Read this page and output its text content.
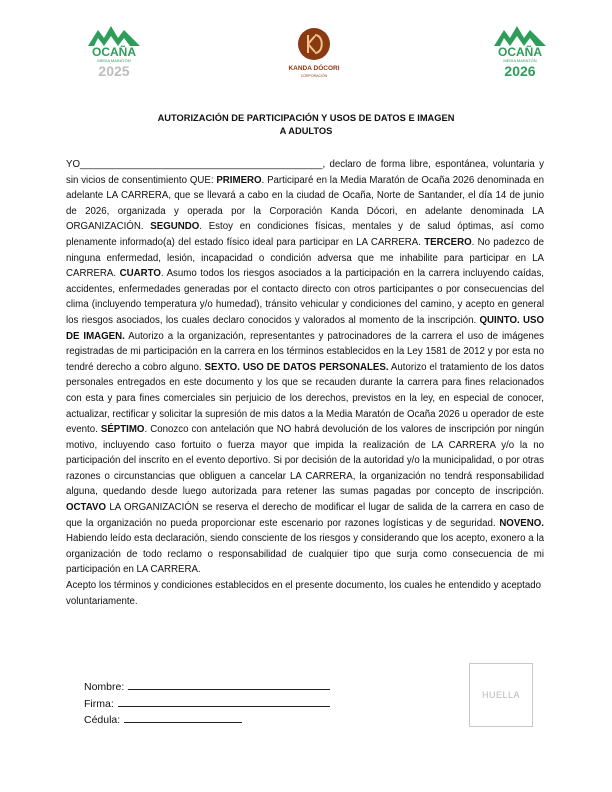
OCAÑA
MEDIA MARATÓN
2025	KANDA DÓCORI
CORPORACIÓN
OCAÑA
MEDIA MARATÓN
2026
AUTORIZACIÓN DE PARTICIPACIÓN Y USOS DE DATOS E IMAGEN
A ADULTOS

YO_____________________________________________, declaro de forma libre, espontánea, voluntaria y sin vicios de consentimiento QUE: PRIMERO. Participaré en la Media Maratón de Ocaña 2026 denominada en adelante LA CARRERA, que se llevará a cabo en la ciudad de Ocaña, Norte de Santander, el día 14 de junio de 2026, organizada y operada por la Corporación Kanda Dócori, en adelante denominada LA ORGANIZACIÓN. SEGUNDO. Estoy en condiciones físicas, mentales y de salud óptimas, así como plenamente informado(a) del estado físico ideal para participar en LA CARRERA. TERCERO. No padezco de ninguna enfermedad, lesión, incapacidad o condición adversa que me inhabilite para participar en LA CARRERA. CUARTO. Asumo todos los riesgos asociados a la participación en la carrera incluyendo caídas, accidentes, enfermedades generadas por el contacto directo con otros participantes o por consecuencias del clima (incluyendo temperatura y/o humedad), tránsito vehicular y condiciones del camino, y acepto en general los riesgos asociados, los cuales declaro conocidos y valorados al momento de la inscripción. QUINTO. USO DE IMAGEN. Autorizo a la organización, representantes y patrocinadores de la carrera el uso de imágenes registradas de mi participación en la carrera en los términos establecidos en la Ley 1581 de 2012 y por esta no tendré derecho a cobro alguno. SEXTO. USO DE DATOS PERSONALES. Autorizo el tratamiento de los datos personales entregados en este documento y los que se recauden durante la carrera para fines relacionados con esta y para fines comerciales sin perjuicio de los derechos, previstos en la ley, en especial de conocer, actualizar, rectificar y solicitar la supresión de mis datos a la Media Maratón de Ocaña 2026 u operador de este evento. SÉPTIMO. Conozco con antelación que NO habrá devolución de los valores de inscripción por ningún motivo, incluyendo caso fortuito o fuerza mayor que impida la realización de LA CARRERA y/o la no participación del inscrito en el evento deportivo. Si por decisión de la autoridad y/o la municipalidad, o por otras razones o circunstancias que obliguen a cancelar LA CARRERA, la organización no tendrá responsabilidad alguna, quedando desde luego autorizada para retener las sumas pagadas por concepto de inscripción. OCTAVO LA ORGANIZACIÓN se reserva el derecho de modificar el lugar de salida de la carrera en caso de que la organización no pueda proporcionar este escenario por razones logísticas y de seguridad. NOVENO. Habiendo leído esta declaración, siendo consciente de los riesgos y considerando que los acepto, exonero a la organización de todo reclamo o responsabilidad de cualquier tipo que surja como consecuencia de mi participación en LA CARRERA.

Acepto los términos y condiciones establecidos en el presente documento, los cuales he entendido y aceptado voluntariamente.

Nombre:
Firma:
Cédula:
HUELLA
